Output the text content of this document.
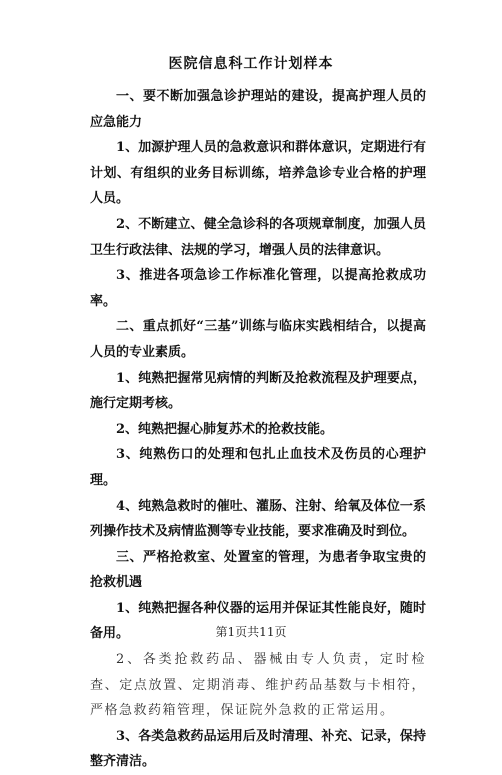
医院信息科工作计划样本

一、要不断加强急诊护理站的建设，提高护理人员的应急能力

1、加源护理人员的急救意识和群体意识，定期进行有计划、有组织的业务目标训练，培养急诊专业合格的护理人员。

2、不断建立、健全急诊科的各项规章制度，加强人员卫生行政法律、法规的学习，增强人员的法律意识。

3、推进各项急诊工作标准化管理，以提高抢救成功率。

二、重点抓好“三基”训练与临床实践相结合，以提高人员的专业素质。

1、纯熟把握常见病情的判断及抢救流程及护理要点，施行定期考核。

2、纯熟把握心肺复苏术的抢救技能。

3、纯熟伤口的处理和包扎止血技术及伤员的心理护理。

4、纯熟急救时的催吐、灌肠、注射、给氧及体位一系列操作技术及病情监测等专业技能，要求准确及时到位。

三、严格抢救室、处置室的管理，为患者争取宝贵的抢救机遇

1、纯熟把握各种仪器的运用并保证其性能良好，随时备用。

2、各类抢救药品、器械由专人负责，定时检查、定点放置、定期消毒、维护药品基数与卡相符，严格急救药箱管理，保证院外急救的正常运用。

3、各类急救药品运用后及时清理、补充、记录，保持整齐清洁。

第1页共11页
